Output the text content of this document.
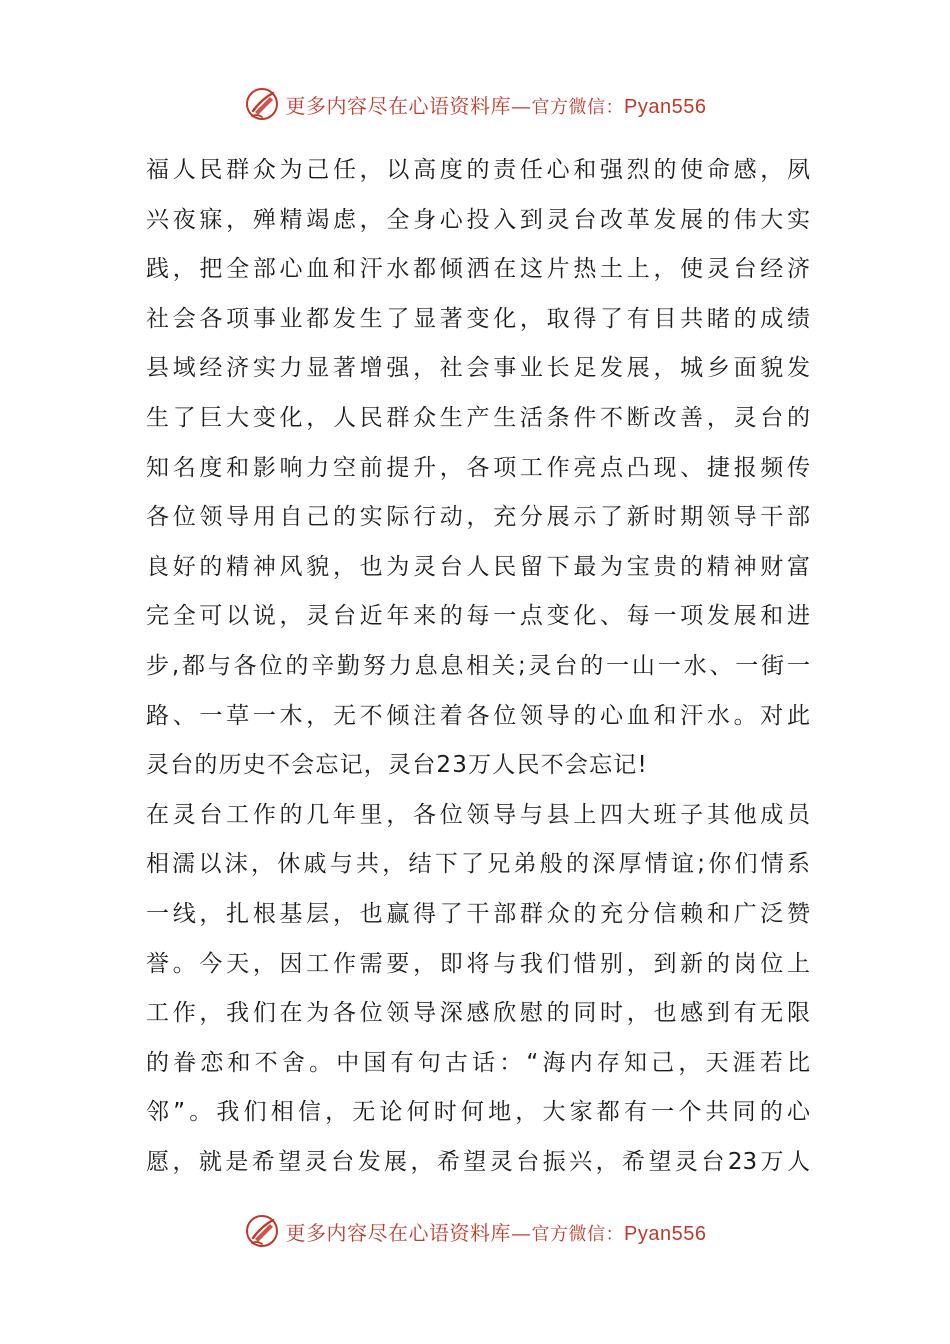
更多内容尽在心语资料库—官方微信：Pyan556
福人民群众为己任，以高度的责任心和强烈的使命感，夙
兴夜寐，殚精竭虑，全身心投入到灵台改革发展的伟大实
践，把全部心血和汗水都倾洒在这片热土上，使灵台经济
社会各项事业都发生了显著变化，取得了有目共睹的成绩
县域经济实力显著增强，社会事业长足发展，城乡面貌发
生了巨大变化，人民群众生产生活条件不断改善，灵台的
知名度和影响力空前提升，各项工作亮点凸现、捷报频传
各位领导用自己的实际行动，充分展示了新时期领导干部
良好的精神风貌，也为灵台人民留下最为宝贵的精神财富
完全可以说，灵台近年来的每一点变化、每一项发展和进
步,都与各位的辛勤努力息息相关;灵台的一山一水、一街一
路、一草一木，无不倾注着各位领导的心血和汗水。对此
灵台的历史不会忘记，灵台23万人民不会忘记!
在灵台工作的几年里，各位领导与县上四大班子其他成员
相濡以沫，休戚与共，结下了兄弟般的深厚情谊;你们情系
一线，扎根基层，也赢得了干部群众的充分信赖和广泛赞
誉。今天，因工作需要，即将与我们惜别，到新的岗位上
工作，我们在为各位领导深感欣慰的同时，也感到有无限
的眷恋和不舍。中国有句古话：“海内存知己，天涯若比
邻”。我们相信，无论何时何地，大家都有一个共同的心
愿，就是希望灵台发展，希望灵台振兴，希望灵台23万人
更多内容尽在心语资料库—官方微信：Pyan556
